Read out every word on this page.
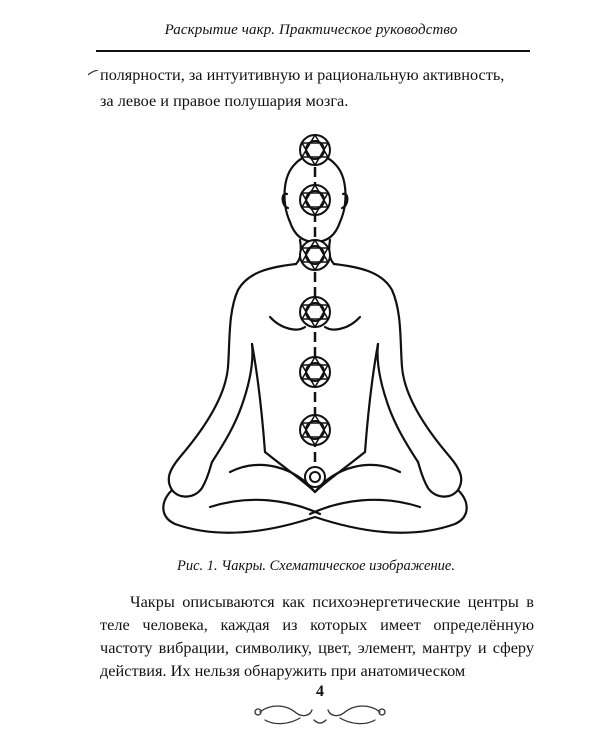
Раскрытие чакр. Практическое руководство
полярности, за интуитивную и рациональную активность,
за левое и правое полушария мозга.
Рис. 1. Чакры. Схематическое изображение.

Чакры описываются как психоэнергетические центры в теле человека, каждая из которых имеет определённую частоту вибрации, символику, цвет, элемент, мантру и сферу действия. Их нельзя обнаружить при анатомическом

4
